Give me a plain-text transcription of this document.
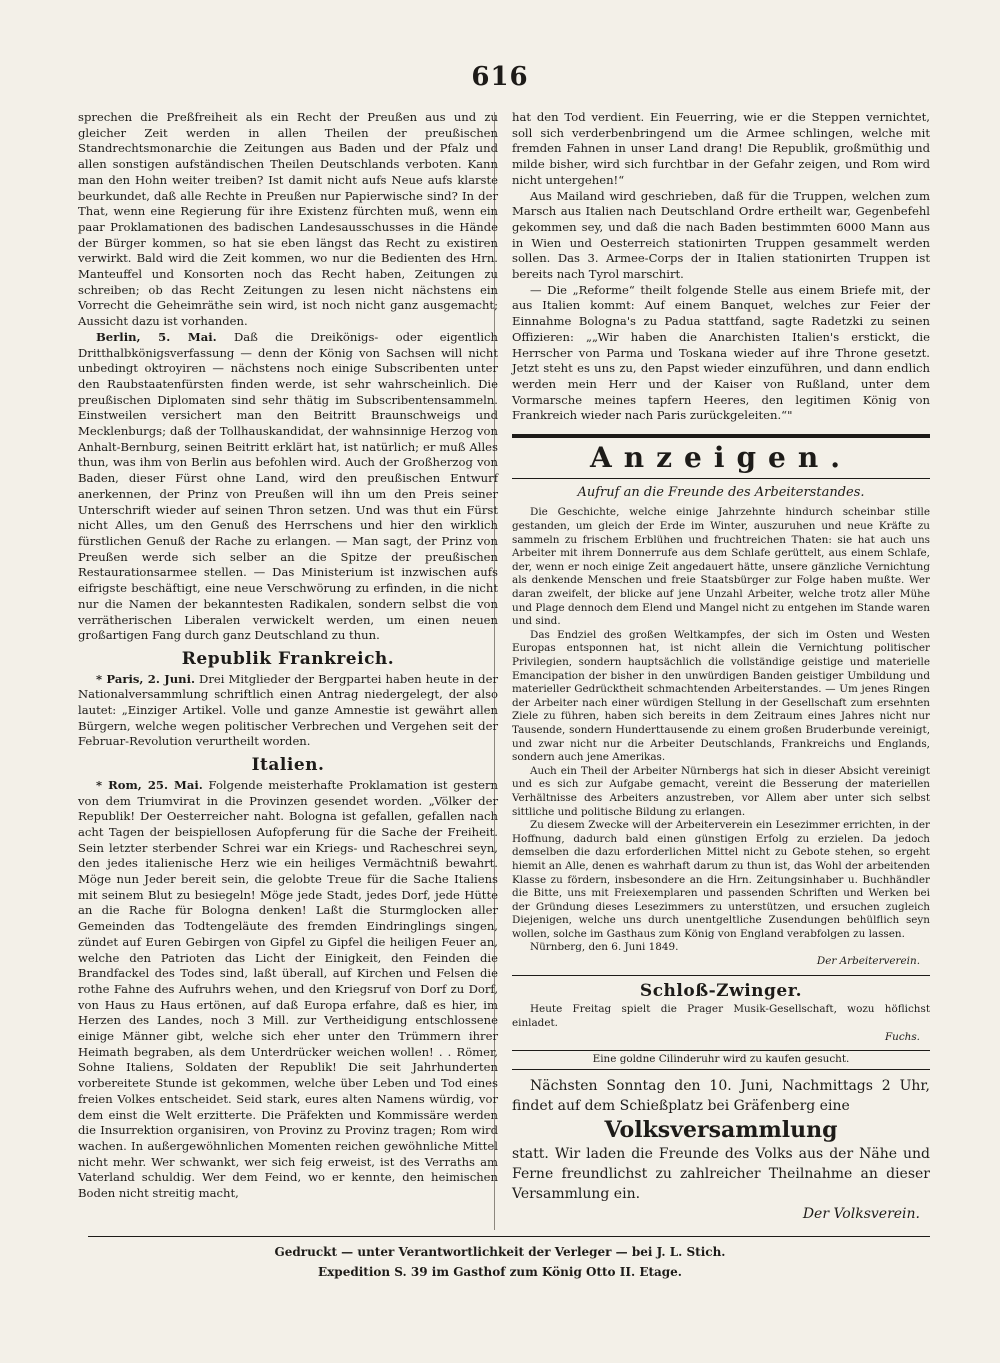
616

sprechen die Preßfreiheit als ein Recht der Preußen aus und zu gleicher Zeit werden in allen Theilen der preußischen Standrechtsmonarchie die Zeitungen aus Baden und der Pfalz und allen sonstigen aufständischen Theilen Deutschlands verboten. Kann man den Hohn weiter treiben? Ist damit nicht aufs Neue aufs klarste beurkundet, daß alle Rechte in Preußen nur Papierwische sind? In der That, wenn eine Regierung für ihre Existenz fürchten muß, wenn ein paar Proklamationen des badischen Landesausschusses in die Hände der Bürger kommen, so hat sie eben längst das Recht zu existiren verwirkt. Bald wird die Zeit kommen, wo nur die Bedienten des Hrn. Manteuffel und Konsorten noch das Recht haben, Zeitungen zu schreiben; ob das Recht Zeitungen zu lesen nicht nächstens ein Vorrecht die Geheimräthe sein wird, ist noch nicht ganz ausgemacht; Aussicht dazu ist vorhanden.

Berlin, 5. Mai. Daß die Dreikönigs- oder eigentlich Dritthalbkönigsverfassung — denn der König von Sachsen will nicht unbedingt oktroyiren — nächstens noch einige Subscribenten unter den Raubstaatenfürsten finden werde, ist sehr wahrscheinlich. Die preußischen Diplomaten sind sehr thätig im Subscribentensammeln. Einstweilen versichert man den Beitritt Braunschweigs und Mecklenburgs; daß der Tollhauskandidat, der wahnsinnige Herzog von Anhalt-Bernburg, seinen Beitritt erklärt hat, ist natürlich; er muß Alles thun, was ihm von Berlin aus befohlen wird. Auch der Großherzog von Baden, dieser Fürst ohne Land, wird den preußischen Entwurf anerkennen, der Prinz von Preußen will ihn um den Preis seiner Unterschrift wieder auf seinen Thron setzen. Und was thut ein Fürst nicht Alles, um den Genuß des Herrschens und hier den wirklich fürstlichen Genuß der Rache zu erlangen. — Man sagt, der Prinz von Preußen werde sich selber an die Spitze der preußischen Restaurationsarmee stellen. — Das Ministerium ist inzwischen aufs eifrigste beschäftigt, eine neue Verschwörung zu erfinden, in die nicht nur die Namen der bekanntesten Radikalen, sondern selbst die von verrätherischen Liberalen verwickelt werden, um einen neuen großartigen Fang durch ganz Deutschland zu thun.

Republik Frankreich.

* Paris, 2. Juni. Drei Mitglieder der Bergpartei haben heute in der Nationalversammlung schriftlich einen Antrag niedergelegt, der also lautet: „Einziger Artikel. Volle und ganze Amnestie ist gewährt allen Bürgern, welche wegen politischer Verbrechen und Vergehen seit der Februar-Revolution verurtheilt worden.

Italien.

* Rom, 25. Mai. Folgende meisterhafte Proklamation ist gestern von dem Triumvirat in die Provinzen gesendet worden. „Völker der Republik! Der Oesterreicher naht. Bologna ist gefallen, gefallen nach acht Tagen der beispiellosen Aufopferung für die Sache der Freiheit. Sein letzter sterbender Schrei war ein Kriegs- und Racheschrei seyn, den jedes italienische Herz wie ein heiliges Vermächtniß bewahrt. Möge nun Jeder bereit sein, die gelobte Treue für die Sache Italiens mit seinem Blut zu besiegeln! Möge jede Stadt, jedes Dorf, jede Hütte an die Rache für Bologna denken! Laßt die Sturmglocken aller Gemeinden das Todtengeläute des fremden Eindringlings singen, zündet auf Euren Gebirgen von Gipfel zu Gipfel die heiligen Feuer an, welche den Patrioten das Licht der Einigkeit, den Feinden die Brandfackel des Todes sind, laßt überall, auf Kirchen und Felsen die rothe Fahne des Aufruhrs wehen, und den Kriegsruf von Dorf zu Dorf, von Haus zu Haus ertönen, auf daß Europa erfahre, daß es hier, im Herzen des Landes, noch 3 Mill. zur Vertheidigung entschlossene einige Männer gibt, welche sich eher unter den Trümmern ihrer Heimath begraben, als dem Unterdrücker weichen wollen! . . Römer, Sohne Italiens, Soldaten der Republik! Die seit Jahrhunderten vorbereitete Stunde ist gekommen, welche über Leben und Tod eines freien Volkes entscheidet. Seid stark, eures alten Namens würdig, vor dem einst die Welt erzitterte. Die Präfekten und Kommissäre werden die Insurrektion organisiren, von Provinz zu Provinz tragen; Rom wird wachen. In außergewöhnlichen Momenten reichen gewöhnliche Mittel nicht mehr. Wer schwankt, wer sich feig erweist, ist des Verraths am Vaterland schuldig. Wer dem Feind, wo er kennte, den heimischen Boden nicht streitig macht,

hat den Tod verdient. Ein Feuerring, wie er die Steppen vernichtet, soll sich verderbenbringend um die Armee schlingen, welche mit fremden Fahnen in unser Land drang! Die Republik, großmüthig und milde bisher, wird sich furchtbar in der Gefahr zeigen, und Rom wird nicht untergehen!“

Aus Mailand wird geschrieben, daß für die Truppen, welchen zum Marsch aus Italien nach Deutschland Ordre ertheilt war, Gegenbefehl gekommen sey, und daß die nach Baden bestimmten 6000 Mann aus in Wien und Oesterreich stationirten Truppen gesammelt werden sollen. Das 3. Armee-Corps der in Italien stationirten Truppen ist bereits nach Tyrol marschirt.

— Die „Reforme“ theilt folgende Stelle aus einem Briefe mit, der aus Italien kommt: Auf einem Banquet, welches zur Feier der Einnahme Bologna's zu Padua stattfand, sagte Radetzki zu seinen Offizieren: „„Wir haben die Anarchisten Italien's erstickt, die Herrscher von Parma und Toskana wieder auf ihre Throne gesetzt. Jetzt steht es uns zu, den Papst wieder einzuführen, und dann endlich werden mein Herr und der Kaiser von Rußland, unter dem Vormarsche meines tapfern Heeres, den legitimen König von Frankreich wieder nach Paris zurückgeleiten.“"

Anzeigen.
Aufruf an die Freunde des Arbeiterstandes.

Die Geschichte, welche einige Jahrzehnte hindurch scheinbar stille gestanden, um gleich der Erde im Winter, auszuruhen und neue Kräfte zu sammeln zu frischem Erblühen und fruchtreichen Thaten: sie hat auch uns Arbeiter mit ihrem Donnerrufe aus dem Schlafe gerüttelt, aus einem Schlafe, der, wenn er noch einige Zeit angedauert hätte, unsere gänzliche Vernichtung als denkende Menschen und freie Staatsbürger zur Folge haben mußte. Wer daran zweifelt, der blicke auf jene Unzahl Arbeiter, welche trotz aller Mühe und Plage dennoch dem Elend und Mangel nicht zu entgehen im Stande waren und sind.

Das Endziel des großen Weltkampfes, der sich im Osten und Westen Europas entsponnen hat, ist nicht allein die Vernichtung politischer Privilegien, sondern hauptsächlich die vollständige geistige und materielle Emancipation der bisher in den unwürdigen Banden geistiger Umbildung und materieller Gedrücktheit schmachtenden Arbeiterstandes. — Um jenes Ringen der Arbeiter nach einer würdigen Stellung in der Gesellschaft zum ersehnten Ziele zu führen, haben sich bereits in dem Zeitraum eines Jahres nicht nur Tausende, sondern Hunderttausende zu einem großen Bruderbunde vereinigt, und zwar nicht nur die Arbeiter Deutschlands, Frankreichs und Englands, sondern auch jene Amerikas.

Auch ein Theil der Arbeiter Nürnbergs hat sich in dieser Absicht vereinigt und es sich zur Aufgabe gemacht, vereint die Besserung der materiellen Verhältnisse des Arbeiters anzustreben, vor Allem aber unter sich selbst sittliche und politische Bildung zu erlangen.

Zu diesem Zwecke will der Arbeiterverein ein Lesezimmer errichten, in der Hoffnung, dadurch bald einen günstigen Erfolg zu erzielen. Da jedoch demselben die dazu erforderlichen Mittel nicht zu Gebote stehen, so ergeht hiemit an Alle, denen es wahrhaft darum zu thun ist, das Wohl der arbeitenden Klasse zu fördern, insbesondere an die Hrn. Zeitungsinhaber u. Buchhändler die Bitte, uns mit Freiexemplaren und passenden Schriften und Werken bei der Gründung dieses Lesezimmers zu unterstützen, und ersuchen zugleich Diejenigen, welche uns durch unentgeltliche Zusendungen behülflich seyn wollen, solche im Gasthaus zum König von England verabfolgen zu lassen.

Nürnberg, den 6. Juni 1849.

Der Arbeiterverein.
Schloß-Zwinger.

Heute Freitag spielt die Prager Musik-Gesellschaft, wozu höflichst einladet.

Fuchs.
Eine goldne Cilinderuhr wird zu kaufen gesucht.

Nächsten Sonntag den 10. Juni, Nachmittags 2 Uhr, findet auf dem Schießplatz bei Gräfenberg eine

Volksversammlung

statt. Wir laden die Freunde des Volks aus der Nähe und Ferne freundlichst zu zahlreicher Theilnahme an dieser Versammlung ein.

Der Volksverein.
Gedruckt — unter Verantwortlichkeit der Verleger — bei J. L. Stich.
Expedition S. 39 im Gasthof zum König Otto II. Etage.
